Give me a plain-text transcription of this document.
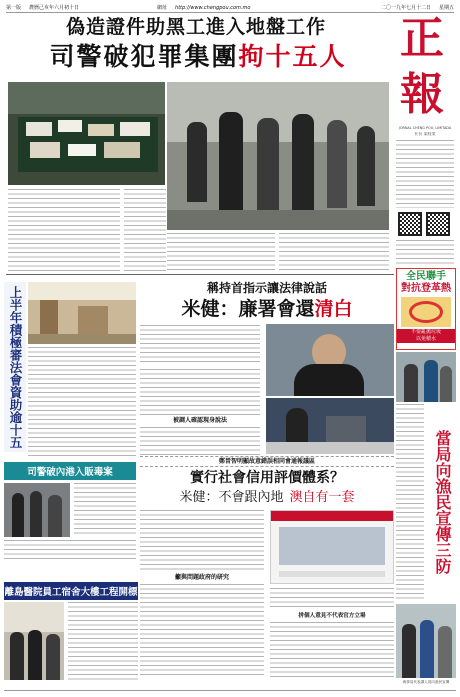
第一版 農曆己亥年六月初十日	網址 http://www.chengpou.com.mo	二〇一九年七月十二日 星期五
偽造證件助黑工進入地盤工作
司警破犯罪集團拘十五人	正
報
JORNAL CHENG POU, LIMITADA
社長 梁桂榮
全民聯手
對抗登革熱
不要亂拋垃圾
以免積水
上半年積極審法會資助逾十五
稱持首指示讓法律說話
米健：廉署會還清白
被調人確認現身說法
鄭晉智明顯故意錯誤相同會通報議區	當局向漁民宣傳三防
海事局代表講人員向漁民宣傳
司警破內港入販毒案	實行社會信用評價體系？
米健：不會跟內地 澳自有一套
籲與問題政府的研究
拼個人意見不代表官方立場
離島醫院員工宿舍大樓工程開標
